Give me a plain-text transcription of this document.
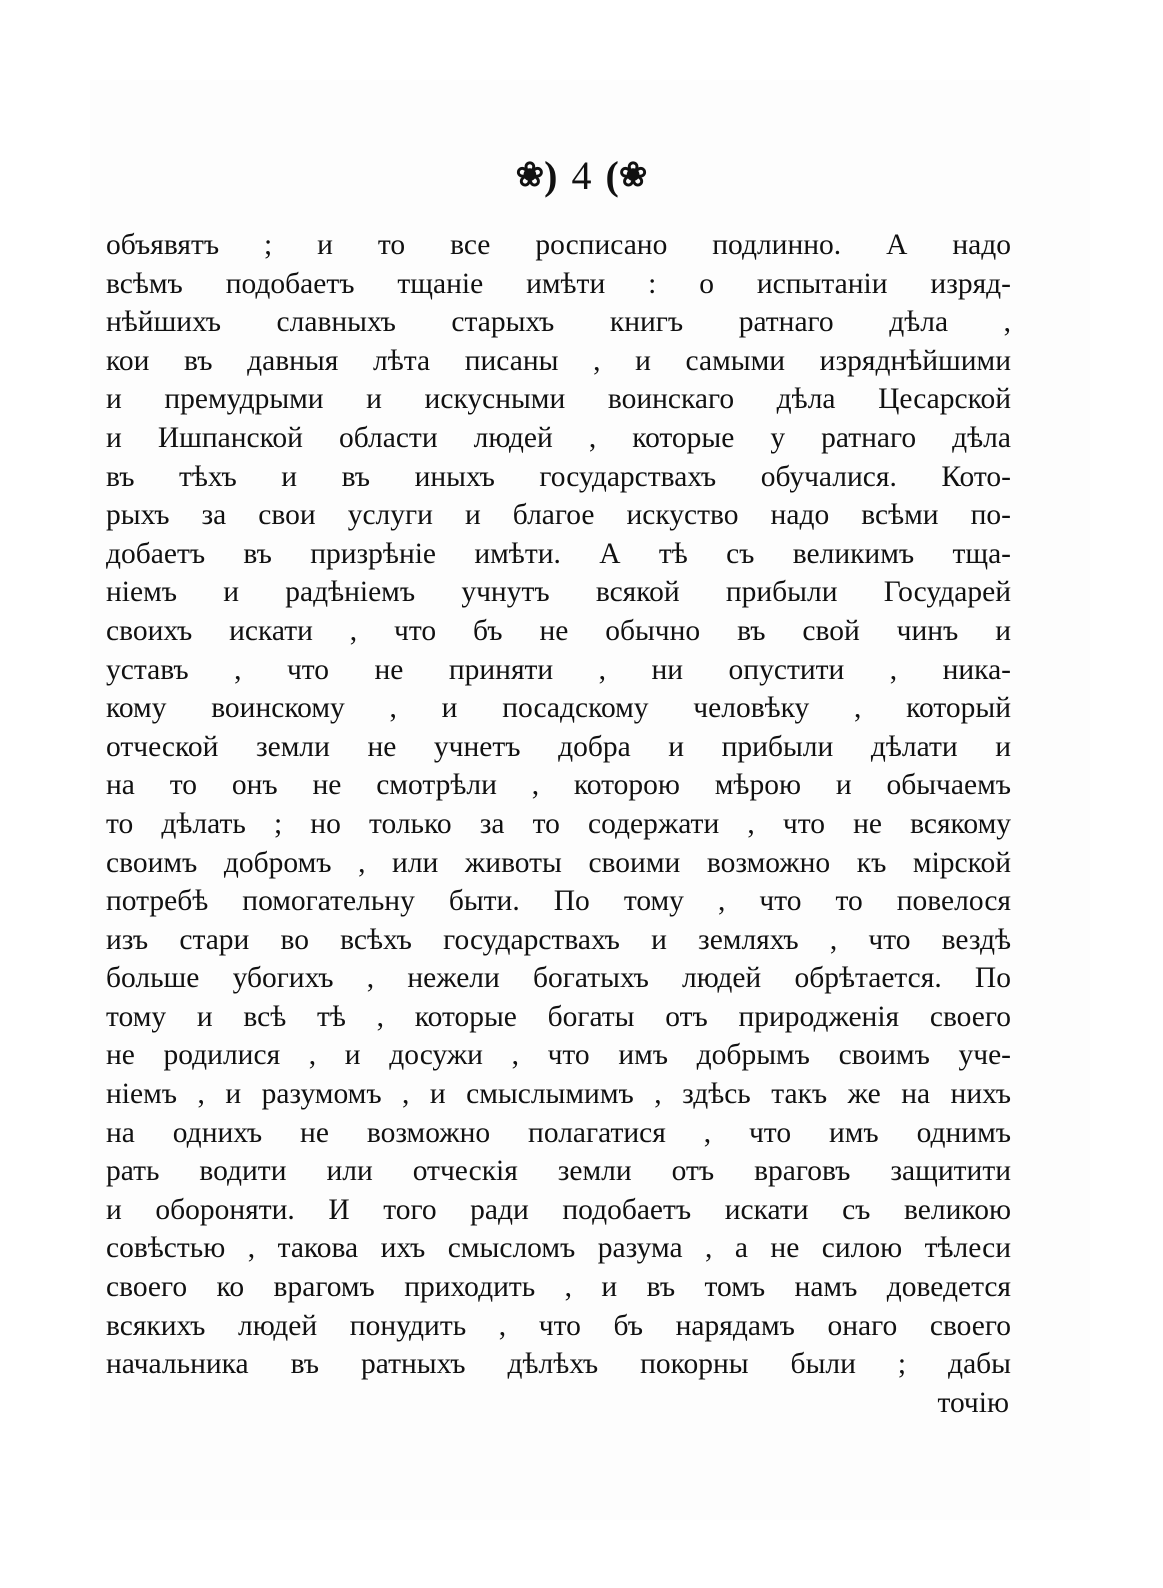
❀) 4 (❀
объявятъ ; и то все росписано подлинно. А надо
всѣмъ подобаетъ тщаніе имѣти : о испытаніи изряд-
нѣйшихъ славныхъ старыхъ книгъ ратнаго дѣла ,
кои въ давныя лѣта писаны , и самыми изряднѣйшими
и премудрыми и искусными воинскаго дѣла Цесарской
и Ишпанской области людей , которые у ратнаго дѣла
въ тѣхъ и въ иныхъ государствахъ обучалися. Кото-
рыхъ за свои услуги и благое искуство надо всѣми по-
добаетъ въ призрѣніе имѣти. А тѣ съ великимъ тща-
ніемъ и радѣніемъ учнутъ всякой прибыли Государей
своихъ искати , что бъ не обычно въ свой чинъ и
уставъ , что не приняти , ни опустити , ника-
кому воинскому , и посадскому человѣку , который
отческой земли не учнетъ добра и прибыли дѣлати и
на то онъ не смотрѣли , которою мѣрою и обычаемъ
то дѣлать ; но только за то содержати , что не всякому
своимъ добромъ , или животы своими возможно къ мірской
потребѣ помогательну быти. По тому , что то повелося
изъ стари во всѣхъ государствахъ и земляхъ , что вездѣ
больше убогихъ , нежели богатыхъ людей обрѣтается. По
тому и всѣ тѣ , которые богаты отъ природженія своего
не родилися , и досужи , что имъ добрымъ своимъ уче-
ніемъ , и разумомъ , и смыслымимъ , здѣсь такъ же на нихъ
на однихъ не возможно полагатися , что имъ однимъ
рать водити или отческія земли отъ враговъ защитити
и обороняти. И того ради подобаетъ искати съ великою
совѣстью , такова ихъ смысломъ разума , а не силою тѣлеси
своего ко врагомъ приходить , и въ томъ намъ доведется
всякихъ людей понудить , что бъ нарядамъ онаго своего
начальника въ ратныхъ дѣлѣхъ покорны были ; дабы
точію
